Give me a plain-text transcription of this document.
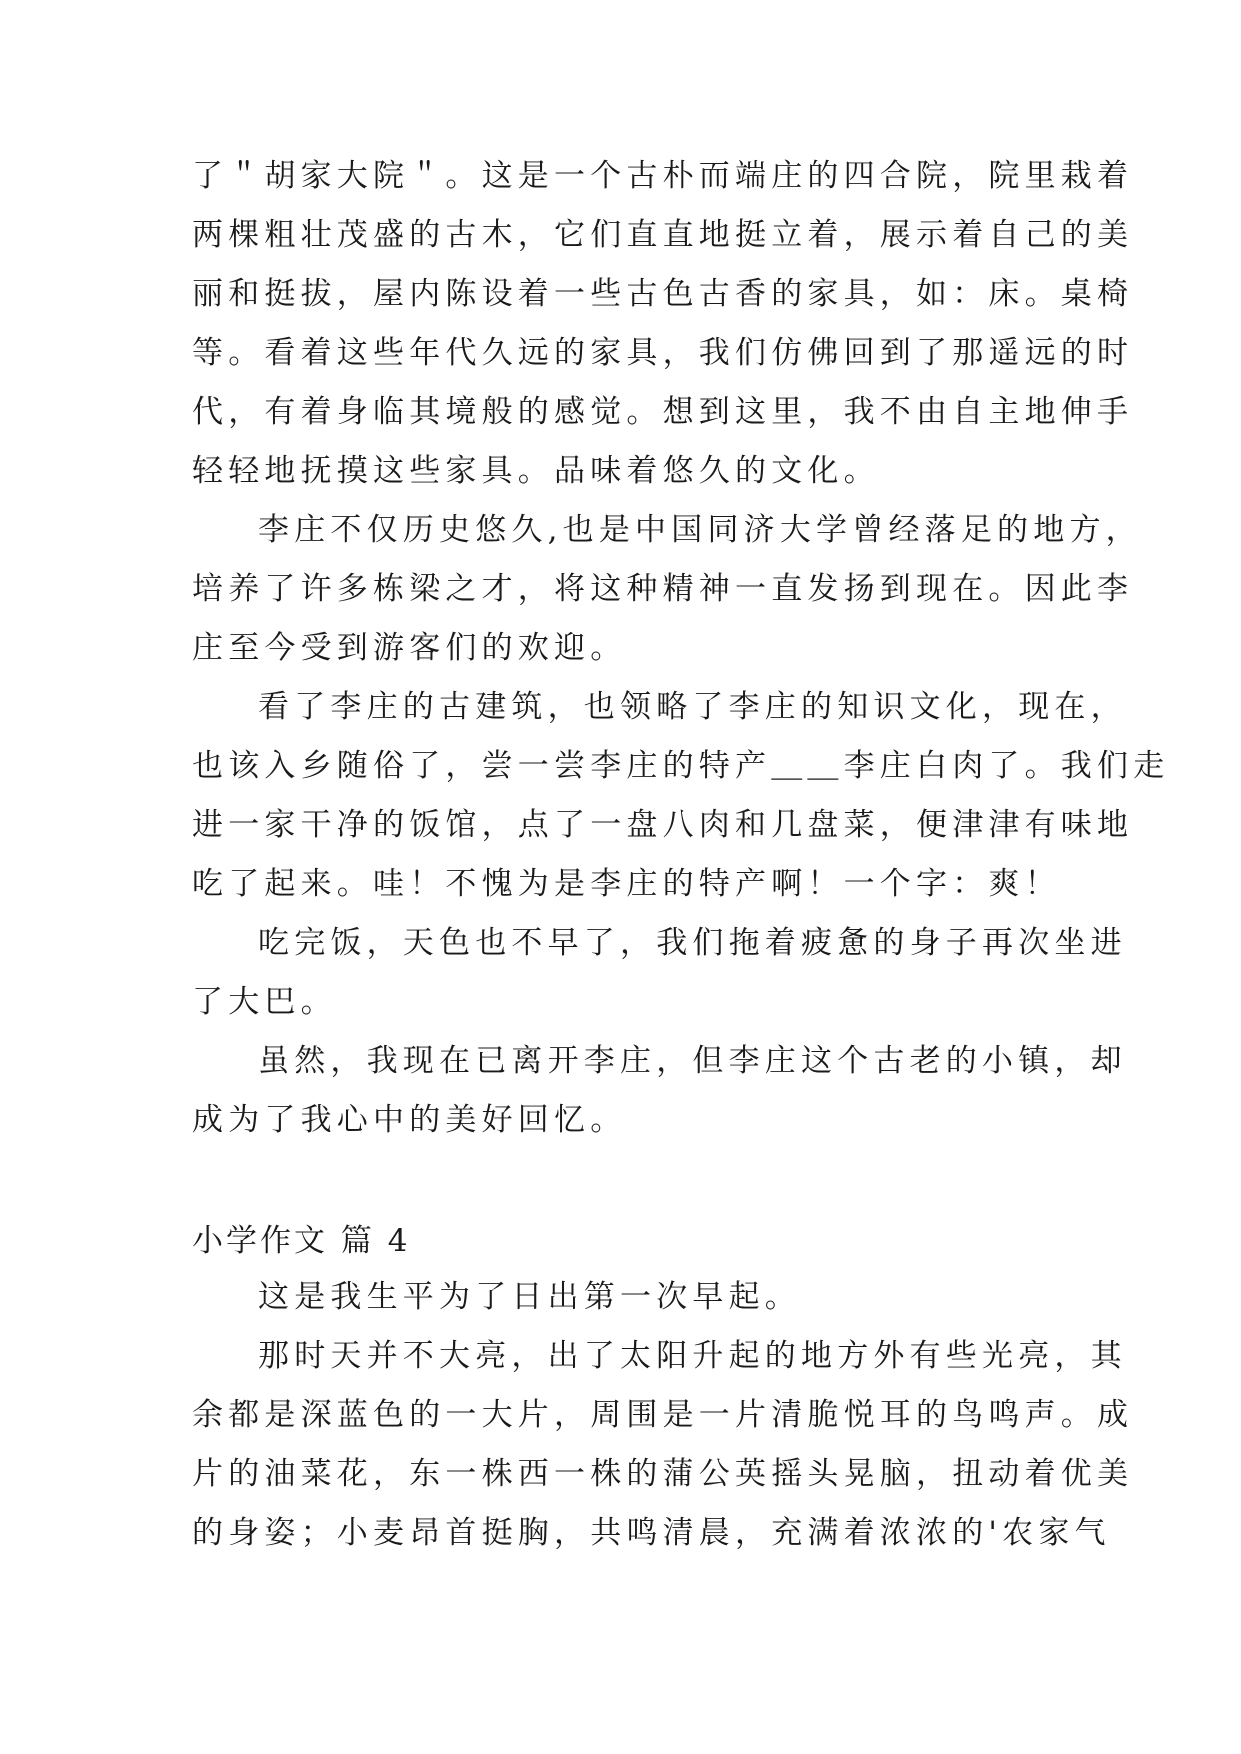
了＂胡家大院＂。这是一个古朴而端庄的四合院，院里栽着
两棵粗壮茂盛的古木，它们直直地挺立着，展示着自己的美
丽和挺拔，屋内陈设着一些古色古香的家具，如：床。桌椅
等。看着这些年代久远的家具，我们仿佛回到了那遥远的时
代，有着身临其境般的感觉。想到这里，我不由自主地伸手
轻轻地抚摸这些家具。品味着悠久的文化。
李庄不仅历史悠久,也是中国同济大学曾经落足的地方，
培养了许多栋梁之才，将这种精神一直发扬到现在。因此李
庄至今受到游客们的欢迎。
看了李庄的古建筑，也领略了李庄的知识文化，现在，
也该入乡随俗了，尝一尝李庄的特产＿＿李庄白肉了。我们走
进一家干净的饭馆，点了一盘八肉和几盘菜，便津津有味地
吃了起来。哇！不愧为是李庄的特产啊！一个字：爽！
吃完饭，天色也不早了，我们拖着疲惫的身子再次坐进
了大巴。
虽然，我现在已离开李庄，但李庄这个古老的小镇，却
成为了我心中的美好回忆。
小学作文 篇 4
这是我生平为了日出第一次早起。
那时天并不大亮，出了太阳升起的地方外有些光亮，其
余都是深蓝色的一大片，周围是一片清脆悦耳的鸟鸣声。成
片的油菜花，东一株西一株的蒲公英摇头晃脑，扭动着优美
的身姿；小麦昂首挺胸，共鸣清晨，充满着浓浓的'农家气
